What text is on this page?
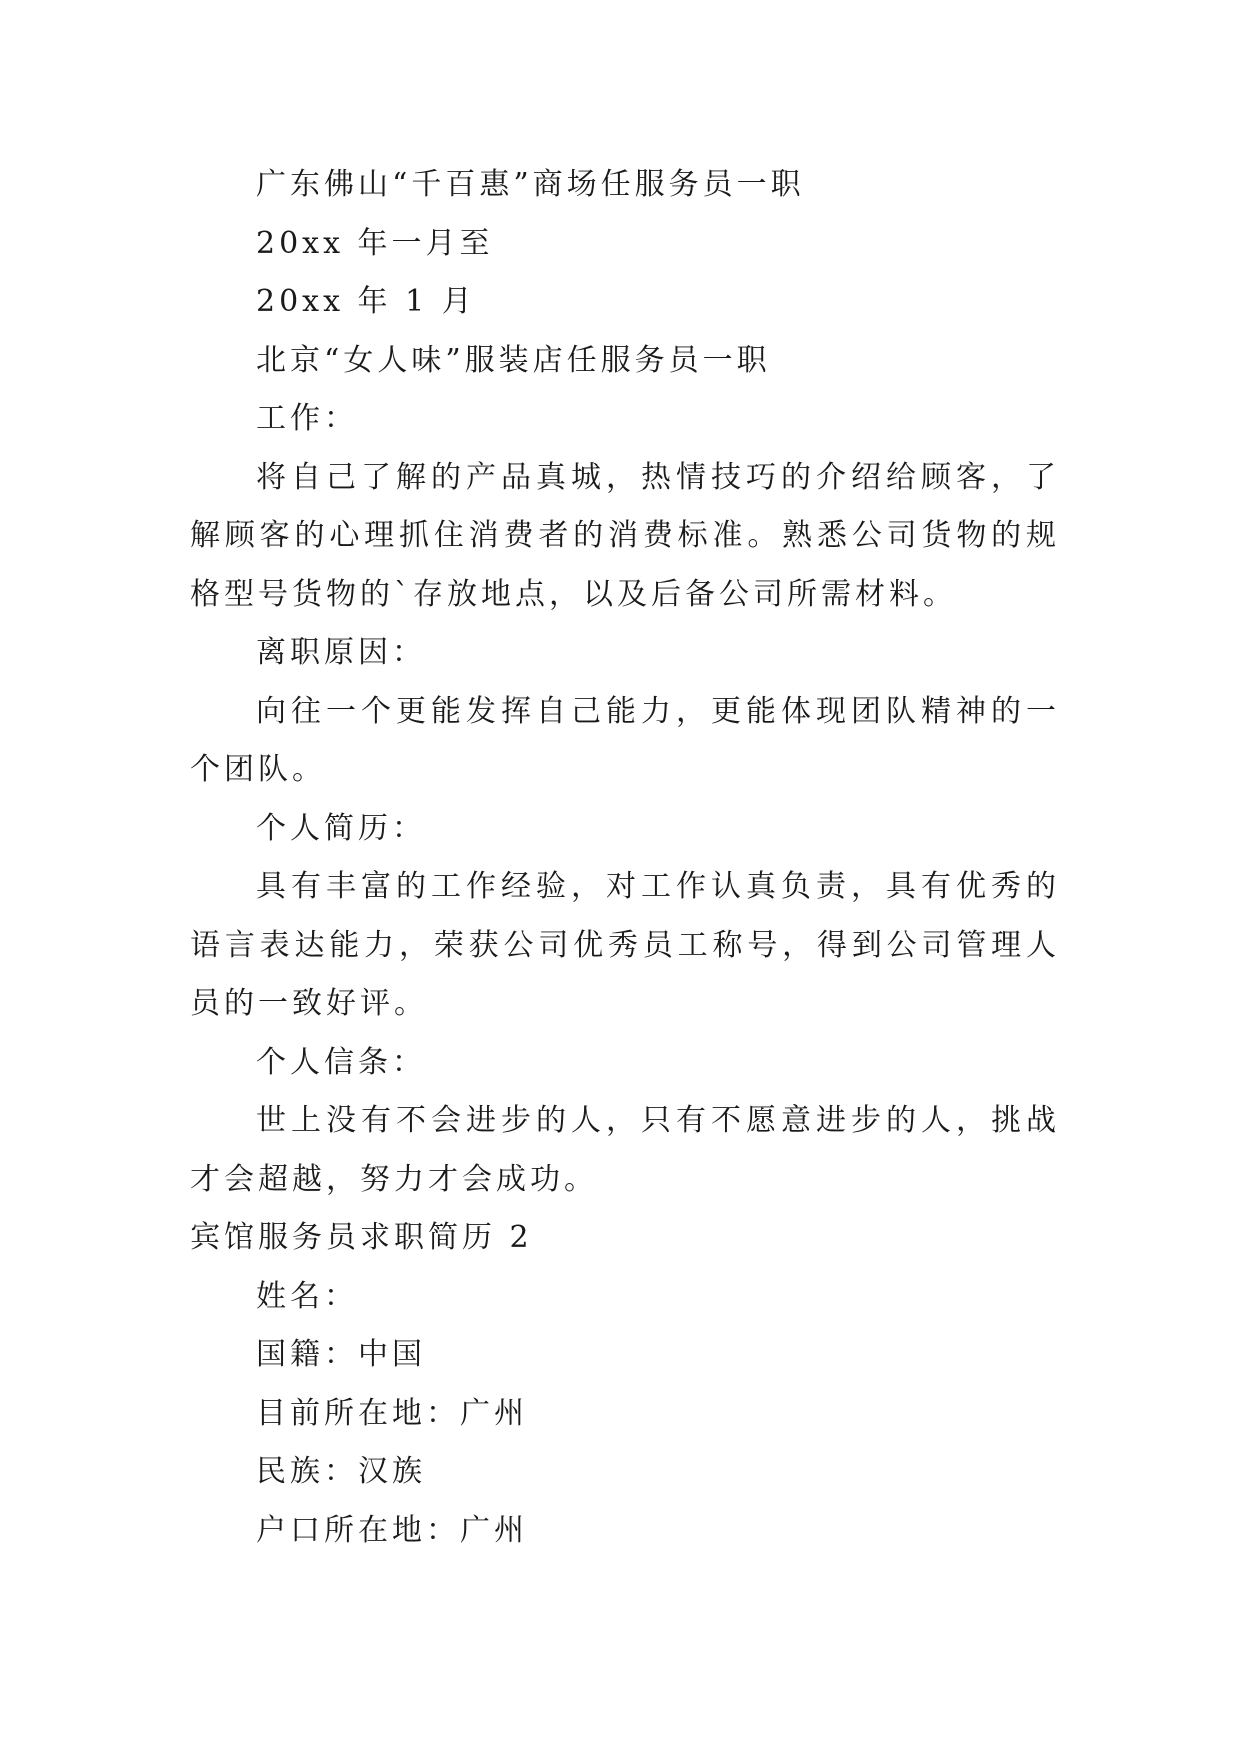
广东佛山“千百惠”商场任服务员一职

20xx 年一月至

20xx 年 1 月

北京“女人味”服装店任服务员一职

工作：

将自己了解的产品真城，热情技巧的介绍给顾客，了解顾客的心理抓住消费者的消费标准。熟悉公司货物的规格型号货物的`存放地点，以及后备公司所需材料。

离职原因：

向往一个更能发挥自己能力，更能体现团队精神的一个团队。

个人简历：

具有丰富的工作经验，对工作认真负责，具有优秀的语言表达能力，荣获公司优秀员工称号，得到公司管理人员的一致好评。

个人信条：

世上没有不会进步的人，只有不愿意进步的人，挑战才会超越，努力才会成功。

宾馆服务员求职简历 2

姓名：

国籍：中国

目前所在地：广州

民族：汉族

户口所在地：广州
